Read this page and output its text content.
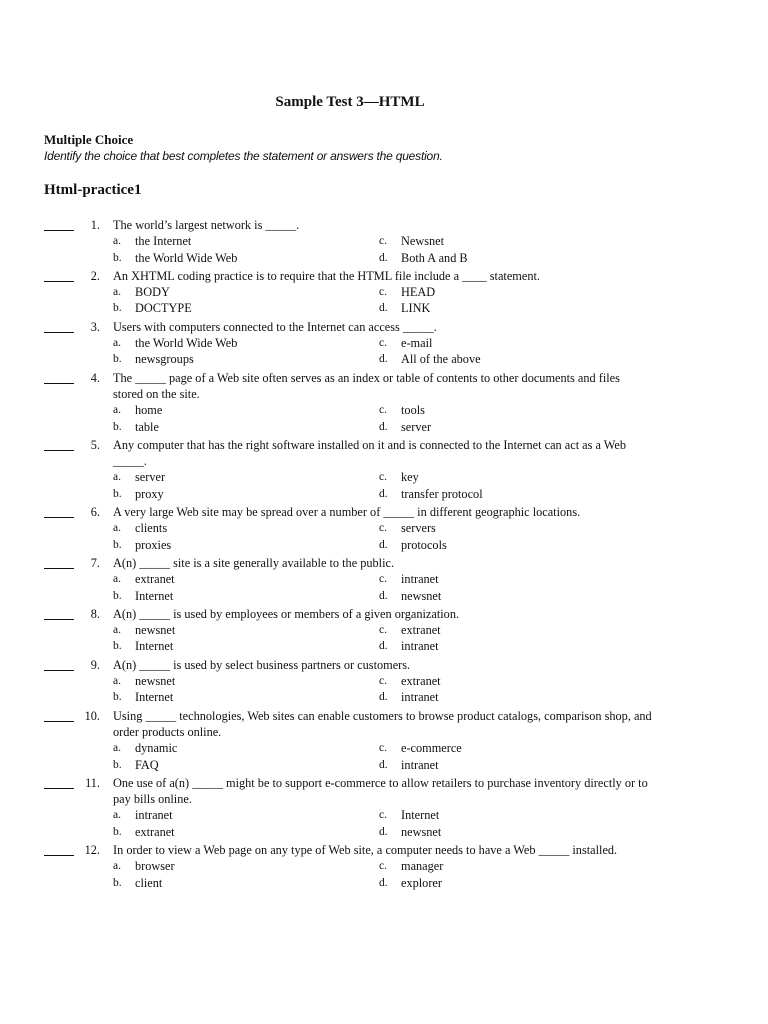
Sample Test 3—HTML
Multiple Choice
Identify the choice that best completes the statement or answers the question.
Html-practice1
1. The world’s largest network is _____.
a. the Internet
b. the World Wide Web
c. Newsnet
d. Both A and B
2. An XHTML coding practice is to require that the HTML file include a ____ statement.
a. BODY
b. DOCTYPE
c. HEAD
d. LINK
3. Users with computers connected to the Internet can access _____.
a. the World Wide Web
b. newsgroups
c. e-mail
d. All of the above
4. The _____ page of a Web site often serves as an index or table of contents to other documents and files stored on the site.
a. home
b. table
c. tools
d. server
5. Any computer that has the right software installed on it and is connected to the Internet can act as a Web _____.
a. server
b. proxy
c. key
d. transfer protocol
6. A very large Web site may be spread over a number of _____ in different geographic locations.
a. clients
b. proxies
c. servers
d. protocols
7. A(n) _____ site is a site generally available to the public.
a. extranet
b. Internet
c. intranet
d. newsnet
8. A(n) _____ is used by employees or members of a given organization.
a. newsnet
b. Internet
c. extranet
d. intranet
9. A(n) _____ is used by select business partners or customers.
a. newsnet
b. Internet
c. extranet
d. intranet
10. Using _____ technologies, Web sites can enable customers to browse product catalogs, comparison shop, and order products online.
a. dynamic
b. FAQ
c. e-commerce
d. intranet
11. One use of a(n) _____ might be to support e-commerce to allow retailers to purchase inventory directly or to pay bills online.
a. intranet
b. extranet
c. Internet
d. newsnet
12. In order to view a Web page on any type of Web site, a computer needs to have a Web _____ installed.
a. browser
b. client
c. manager
d. explorer
